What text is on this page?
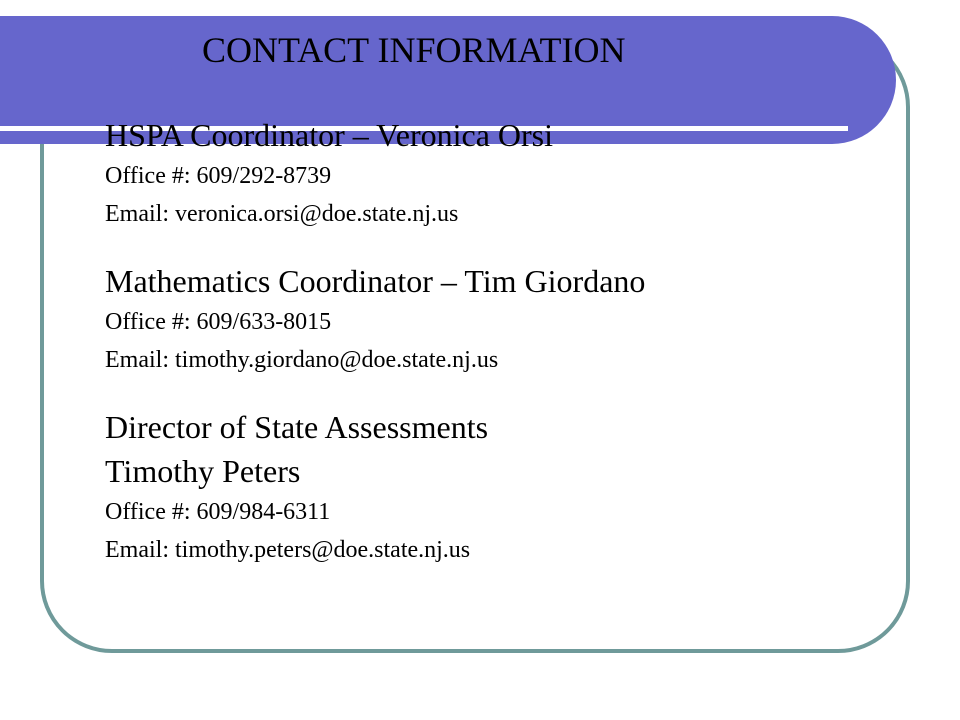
CONTACT INFORMATION
HSPA Coordinator – Veronica Orsi
Office #: 609/292-8739
Email: veronica.orsi@doe.state.nj.us
Mathematics Coordinator – Tim Giordano
Office #: 609/633-8015
Email: timothy.giordano@doe.state.nj.us
Director of State Assessments
Timothy Peters
Office #: 609/984-6311
Email: timothy.peters@doe.state.nj.us
